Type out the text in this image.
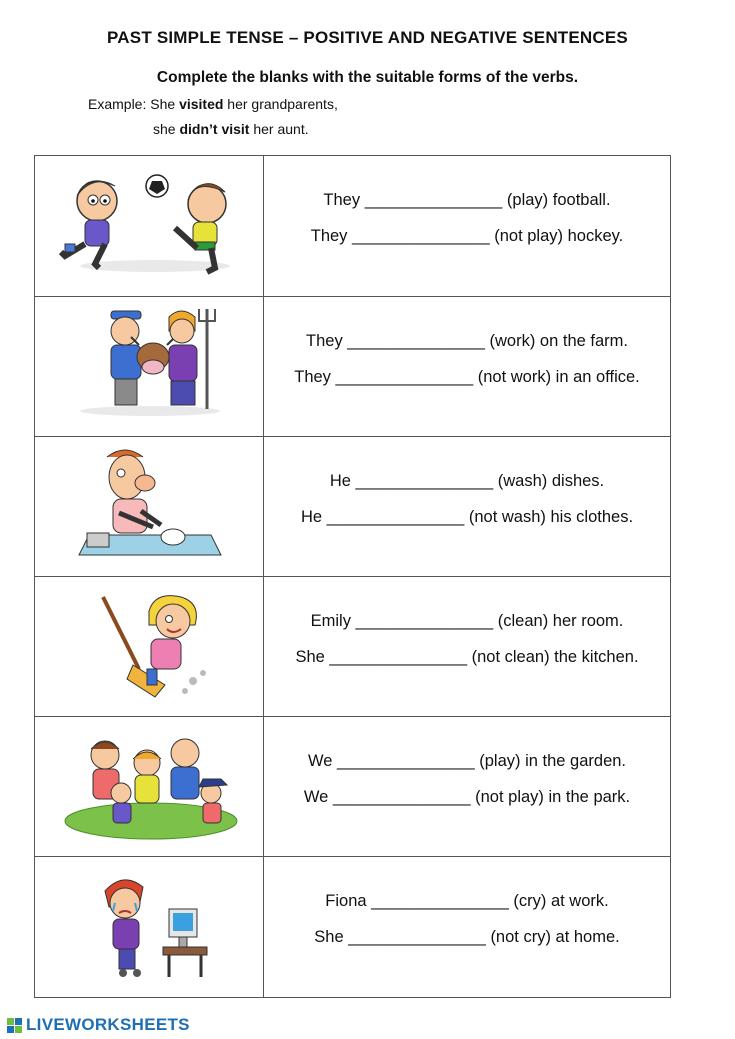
PAST SIMPLE TENSE – POSITIVE AND NEGATIVE SENTENCES
Complete the blanks with the suitable forms of the verbs.
Example: She visited her grandparents,
she didn’t visit her aunt.
They _______________ (play) football.
They _______________ (not play) hockey.
They _______________ (work) on the farm.
They _______________ (not work) in an office.
He _______________ (wash) dishes.
He _______________ (not wash) his clothes.
Emily _______________ (clean) her room.
She _______________ (not clean) the kitchen.
We _______________ (play) in the garden.
We _______________ (not play) in the park.
Fiona _______________ (cry) at work.
She _______________ (not cry) at home.
LIVEWORKSHEETS
